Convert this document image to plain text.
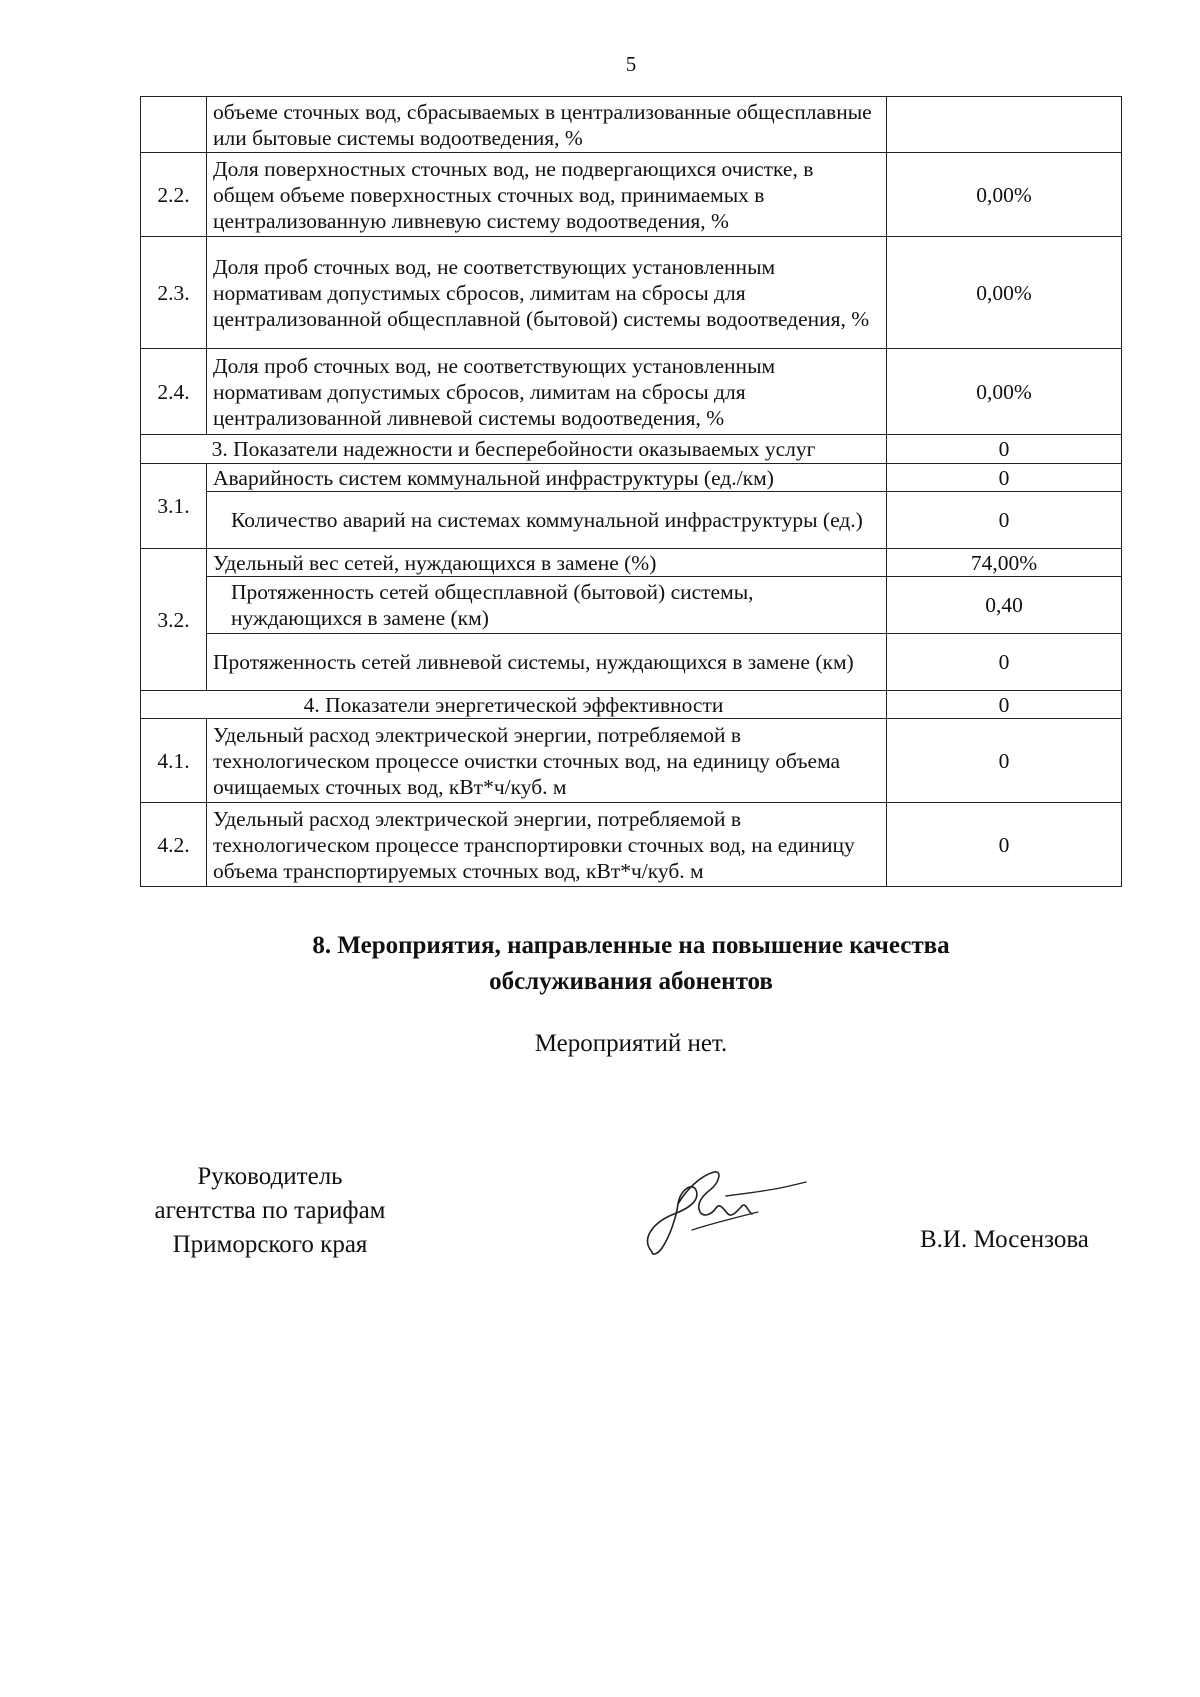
5
	объеме сточных вод, сбрасываемых в централизованные общесплавные или бытовые системы водоотведения, %	
2.2.	Доля поверхностных сточных вод, не подвергающихся очистке, в общем объеме поверхностных сточных вод, принимаемых в централизованную ливневую систему водоотведения, %	0,00%
2.3.	Доля проб сточных вод, не соответствующих установленным нормативам допустимых сбросов, лимитам на сбросы для централизованной общесплавной (бытовой) системы водоотведения, %	0,00%
2.4.	Доля проб сточных вод, не соответствующих установленным нормативам допустимых сбросов, лимитам на сбросы для централизованной ливневой системы водоотведения, %	0,00%
3. Показатели надежности и бесперебойности оказываемых услуг		0
3.1.	Аварийность систем коммунальной инфраструктуры (ед./км)	0
	Количество аварий на системах коммунальной инфраструктуры (ед.)	0
3.2.	Удельный вес сетей, нуждающихся в замене (%)	74,00%
	Протяженность сетей общесплавной (бытовой) системы, нуждающихся в замене (км)	0,40
	Протяженность сетей ливневой системы, нуждающихся в замене (км)	0
4. Показатели энергетической эффективности		0
4.1.	Удельный расход электрической энергии, потребляемой в технологическом процессе очистки сточных вод, на единицу объема очищаемых сточных вод, кВт*ч/куб. м	0
4.2.	Удельный расход электрической энергии, потребляемой в технологическом процессе транспортировки сточных вод, на единицу объема транспортируемых сточных вод, кВт*ч/куб. м	0
8. Мероприятия, направленные на повышение качества
обслуживания абонентов
Мероприятий нет.
Руководитель
агентства по тарифам
Приморского края	В.И. Мосензова
